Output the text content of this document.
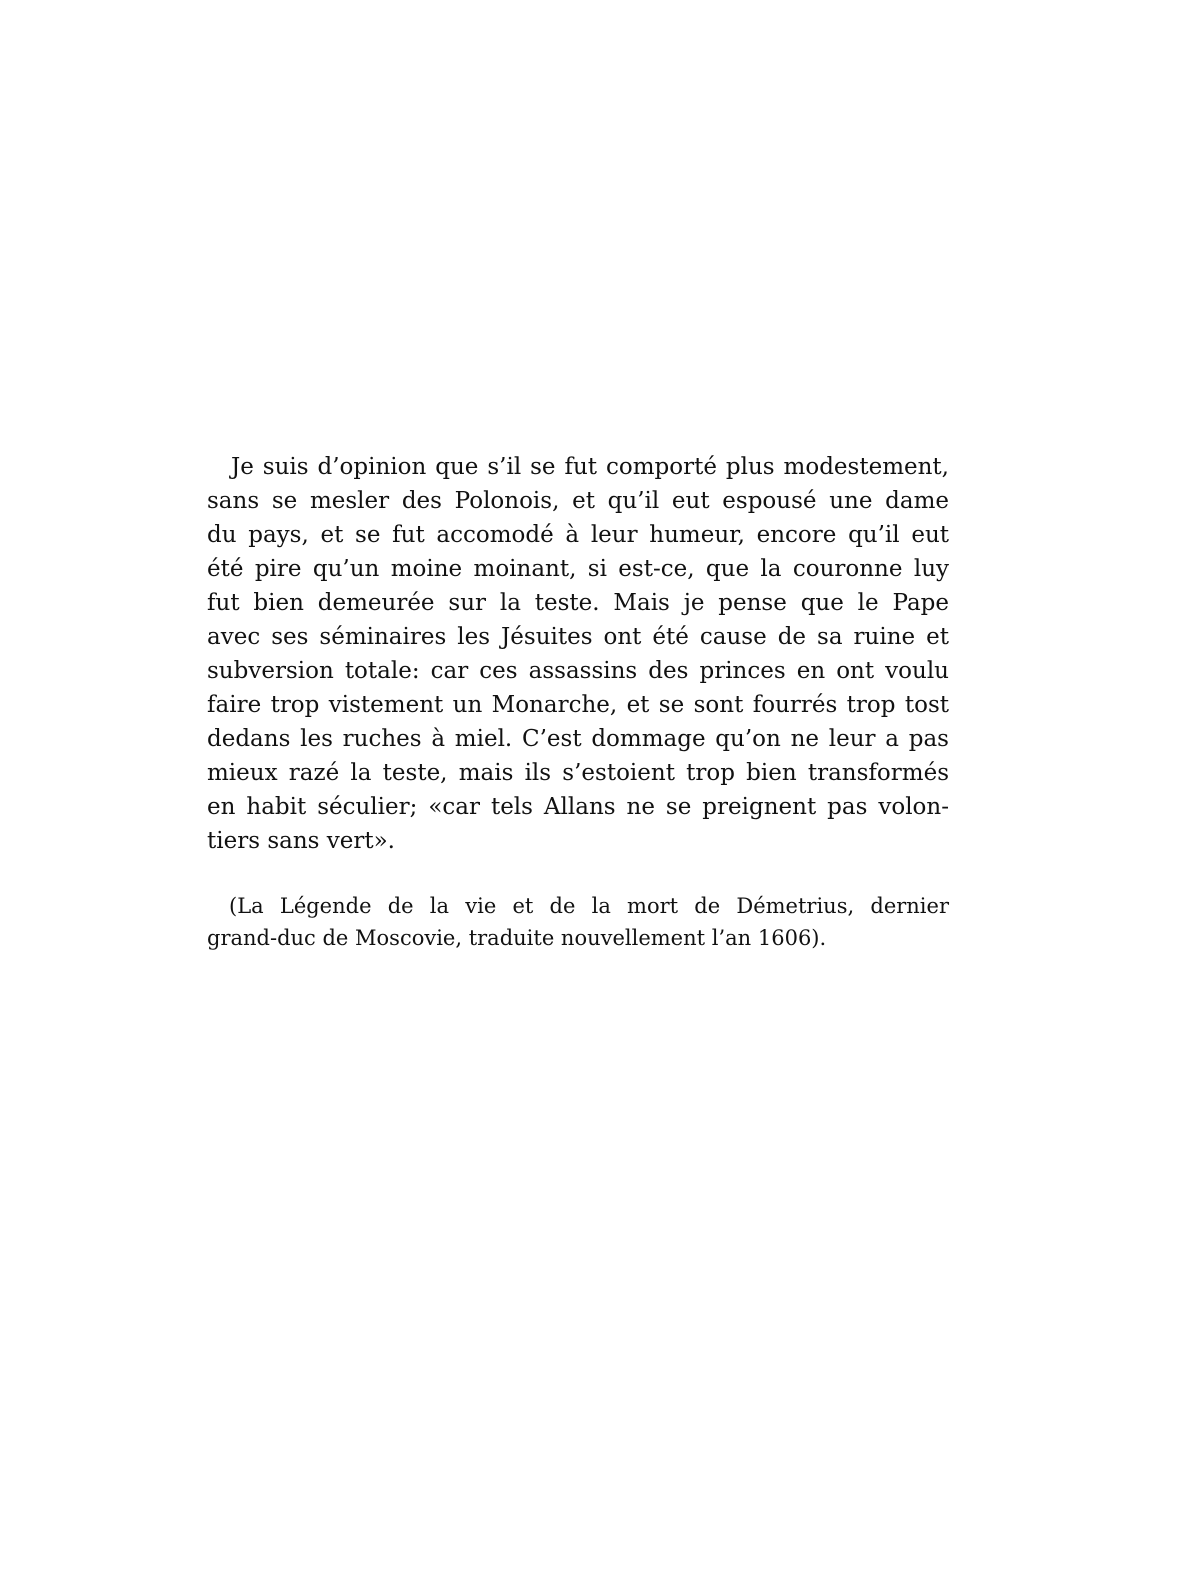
Je suis d’opinion que s’il se fut comporté plus modestement,
sans se mesler des Polonois, et qu’il eut espousé une dame
du pays, et se fut accomodé à leur humeur, encore qu’il eut
été pire qu’un moine moinant, si est-ce, que la couronne luy
fut bien demeurée sur la teste. Mais je pense que le Pape
avec ses séminaires les Jésuites ont été cause de sa ruine et
subversion totale: car ces assassins des princes en ont voulu
faire trop vistement un Monarche, et se sont fourrés trop tost
dedans les ruches à miel. C’est dommage qu’on ne leur a pas
mieux razé la teste, mais ils s’estoient trop bien transformés
en habit séculier; «car tels Allans ne se preignent pas volon-
tiers sans vert».
(La Légende de la vie et de la mort de Démetrius, dernier
grand-duc de Moscovie, traduite nouvellement l’an 1606).
